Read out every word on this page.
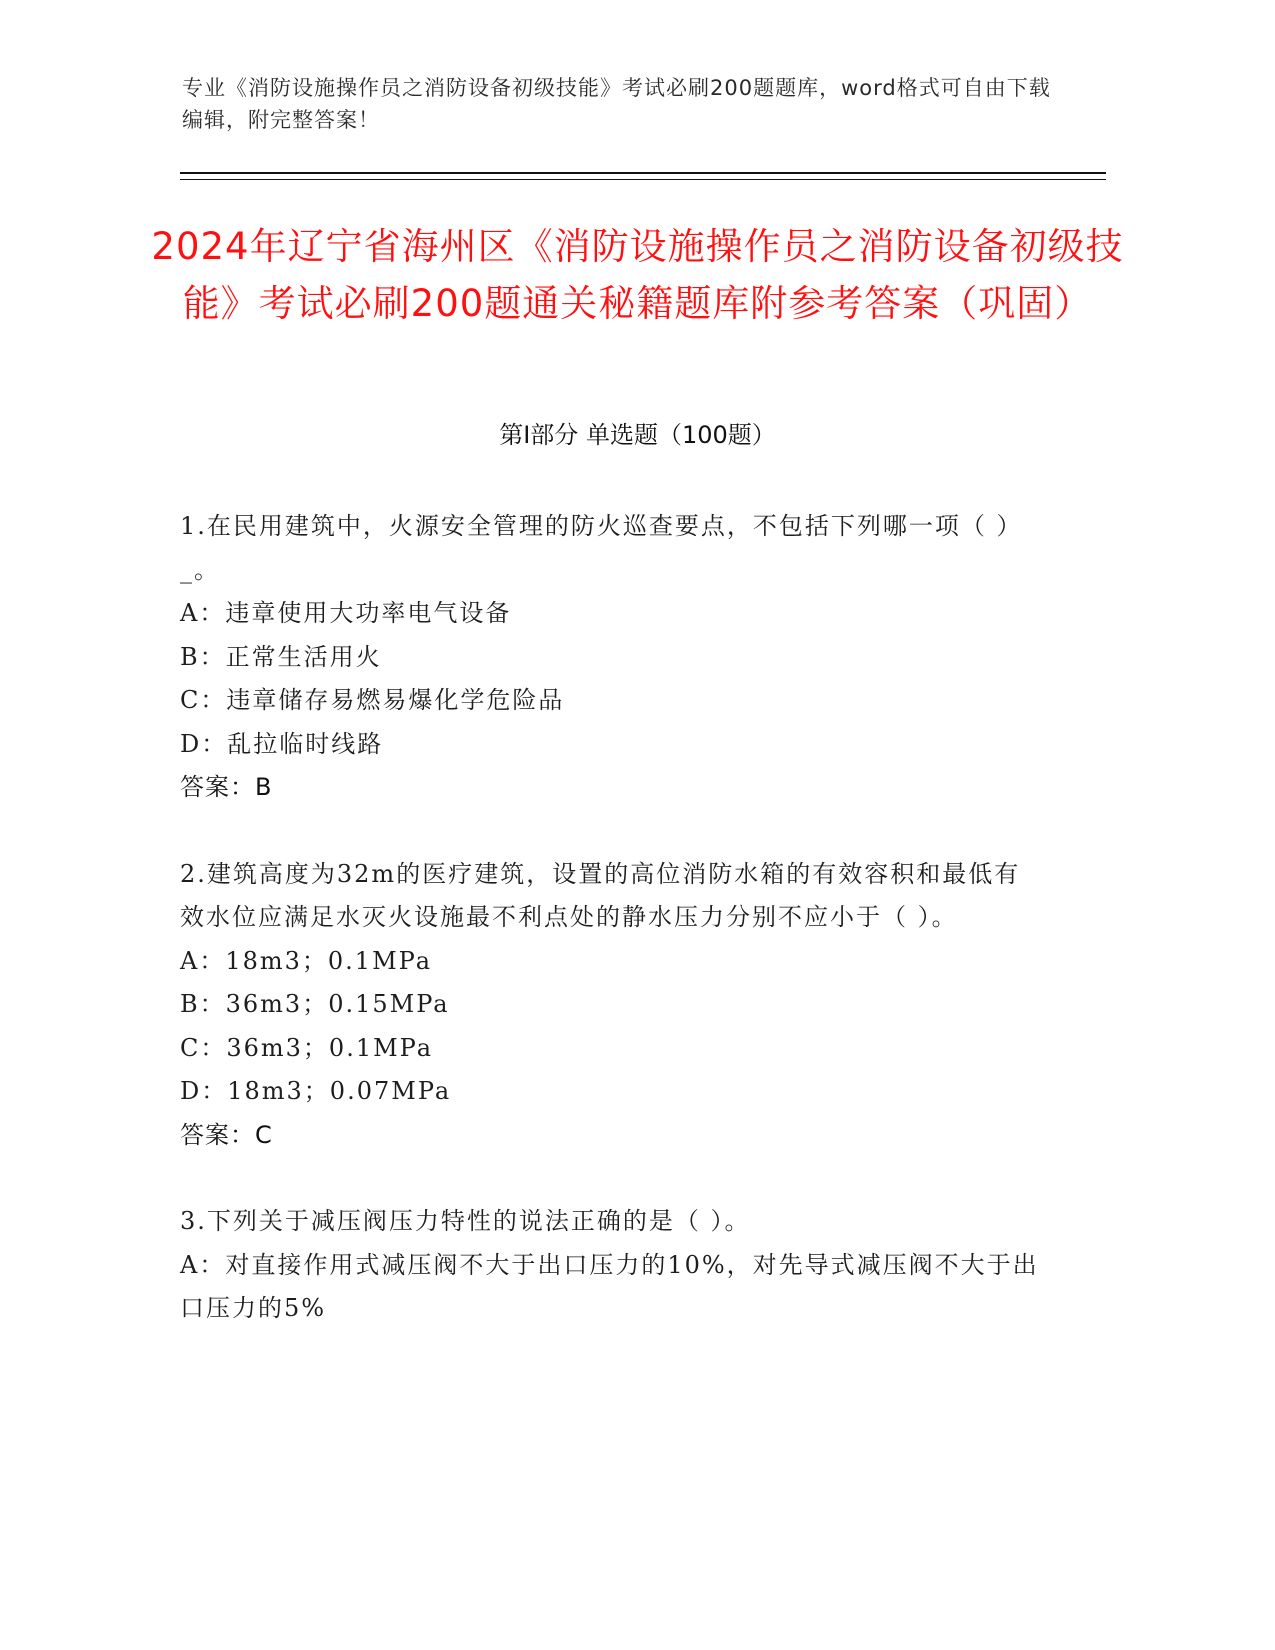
专业《消防设施操作员之消防设备初级技能》考试必刷200题题库，word格式可自由下载编辑，附完整答案！
2024年辽宁省海州区《消防设施操作员之消防设备初级技能》考试必刷200题通关秘籍题库附参考答案（巩固）
第Ⅰ部分 单选题（100题）
1.在民用建筑中，火源安全管理的防火巡查要点，不包括下列哪一项（ ）_。
A：违章使用大功率电气设备
B：正常生活用火
C：违章储存易燃易爆化学危险品
D：乱拉临时线路
答案：B
2.建筑高度为32m的医疗建筑，设置的高位消防水箱的有效容积和最低有效水位应满足水灭火设施最不利点处的静水压力分别不应小于（ ）。
A：18m3；0.1MPa
B：36m3；0.15MPa
C：36m3；0.1MPa
D：18m3；0.07MPa
答案：C
3.下列关于减压阀压力特性的说法正确的是（ ）。
A：对直接作用式减压阀不大于出口压力的10%，对先导式减压阀不大于出口压力的5%
